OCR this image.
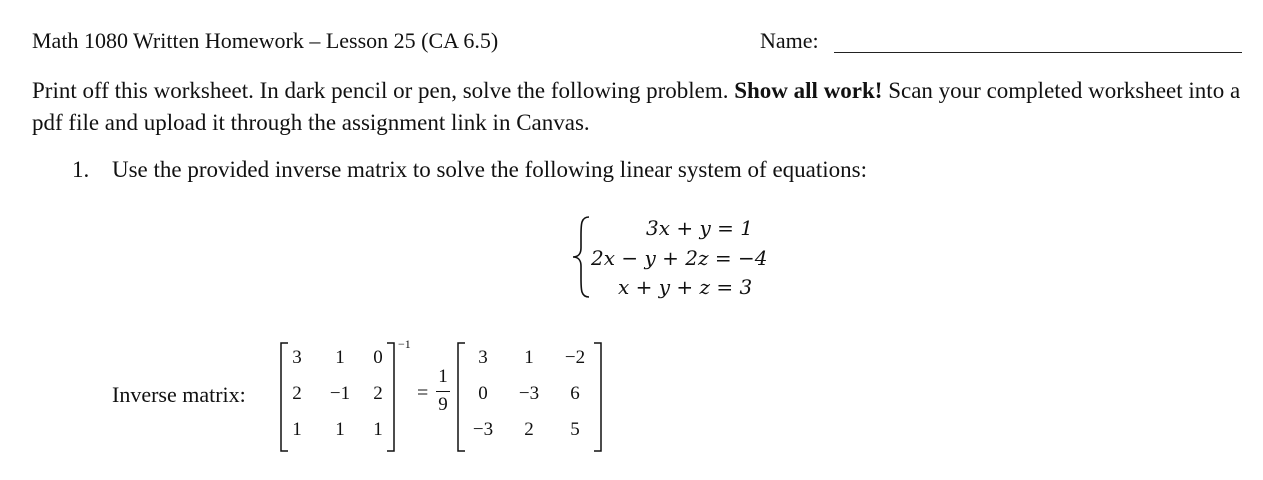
Math 1080 Written Homework – Lesson 25 (CA 6.5)	Name:
Print off this worksheet. In dark pencil or pen, solve the following problem. Show all work! Scan your completed worksheet into a pdf file and upload it through the assignment link in Canvas.
1. Use the provided inverse matrix to solve the following linear system of equations:
3x + y = 1
2x − y + 2z = −4
x + y + z = 3
Inverse matrix:
3	1	0
2	−1	2
1	1	1
−1
=
1
9
3	1	−2
0	−3	6
−3	2	5
